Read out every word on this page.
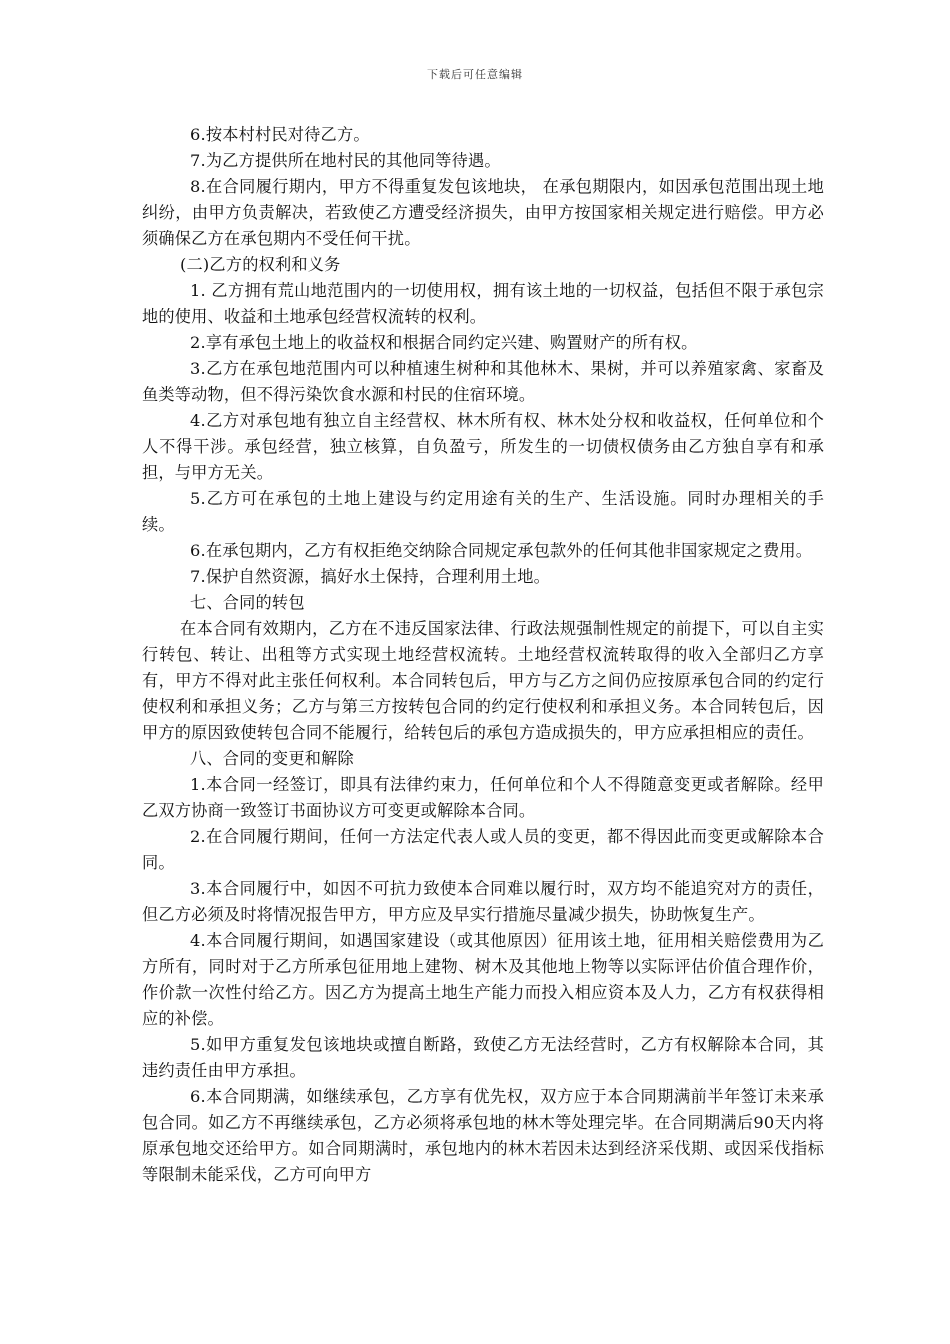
下载后可任意编辑

6.按本村村民对待乙方。

7.为乙方提供所在地村民的其他同等待遇。

8.在合同履行期内，甲方不得重复发包该地块， 在承包期限内，如因承包范围出现土地纠纷，由甲方负责解决，若致使乙方遭受经济损失，由甲方按国家相关规定进行赔偿。甲方必须确保乙方在承包期内不受任何干扰。

(二)乙方的权利和义务

1. 乙方拥有荒山地范围内的一切使用权，拥有该土地的一切权益，包括但不限于承包宗地的使用、收益和土地承包经营权流转的权利。

2.享有承包土地上的收益权和根据合同约定兴建、购置财产的所有权。

3.乙方在承包地范围内可以种植速生树种和其他林木、果树，并可以养殖家禽、家畜及鱼类等动物，但不得污染饮食水源和村民的住宿环境。

4.乙方对承包地有独立自主经营权、林木所有权、林木处分权和收益权，任何单位和个人不得干涉。承包经营，独立核算，自负盈亏，所发生的一切债权债务由乙方独自享有和承担，与甲方无关。

5.乙方可在承包的土地上建设与约定用途有关的生产、生活设施。同时办理相关的手续。

6.在承包期内，乙方有权拒绝交纳除合同规定承包款外的任何其他非国家规定之费用。

7.保护自然资源，搞好水土保持，合理利用土地。

七、合同的转包

在本合同有效期内，乙方在不违反国家法律、行政法规强制性规定的前提下，可以自主实行转包、转让、出租等方式实现土地经营权流转。土地经营权流转取得的收入全部归乙方享有，甲方不得对此主张任何权利。本合同转包后，甲方与乙方之间仍应按原承包合同的约定行使权利和承担义务；乙方与第三方按转包合同的约定行使权利和承担义务。本合同转包后，因甲方的原因致使转包合同不能履行，给转包后的承包方造成损失的，甲方应承担相应的责任。

八、合同的变更和解除

1.本合同一经签订，即具有法律约束力，任何单位和个人不得随意变更或者解除。经甲乙双方协商一致签订书面协议方可变更或解除本合同。

2.在合同履行期间，任何一方法定代表人或人员的变更，都不得因此而变更或解除本合同。

3.本合同履行中，如因不可抗力致使本合同难以履行时，双方均不能追究对方的责任，但乙方必须及时将情况报告甲方，甲方应及早实行措施尽量减少损失，协助恢复生产。

4.本合同履行期间，如遇国家建设（或其他原因）征用该土地，征用相关赔偿费用为乙方所有，同时对于乙方所承包征用地上建物、树木及其他地上物等以实际评估价值合理作价，作价款一次性付给乙方。因乙方为提高土地生产能力而投入相应资本及人力，乙方有权获得相应的补偿。

5.如甲方重复发包该地块或擅自断路，致使乙方无法经营时，乙方有权解除本合同，其违约责任由甲方承担。

6.本合同期满，如继续承包，乙方享有优先权，双方应于本合同期满前半年签订未来承包合同。如乙方不再继续承包，乙方必须将承包地的林木等处理完毕。在合同期满后90天内将原承包地交还给甲方。如合同期满时，承包地内的林木若因未达到经济采伐期、或因采伐指标等限制未能采伐，乙方可向甲方
